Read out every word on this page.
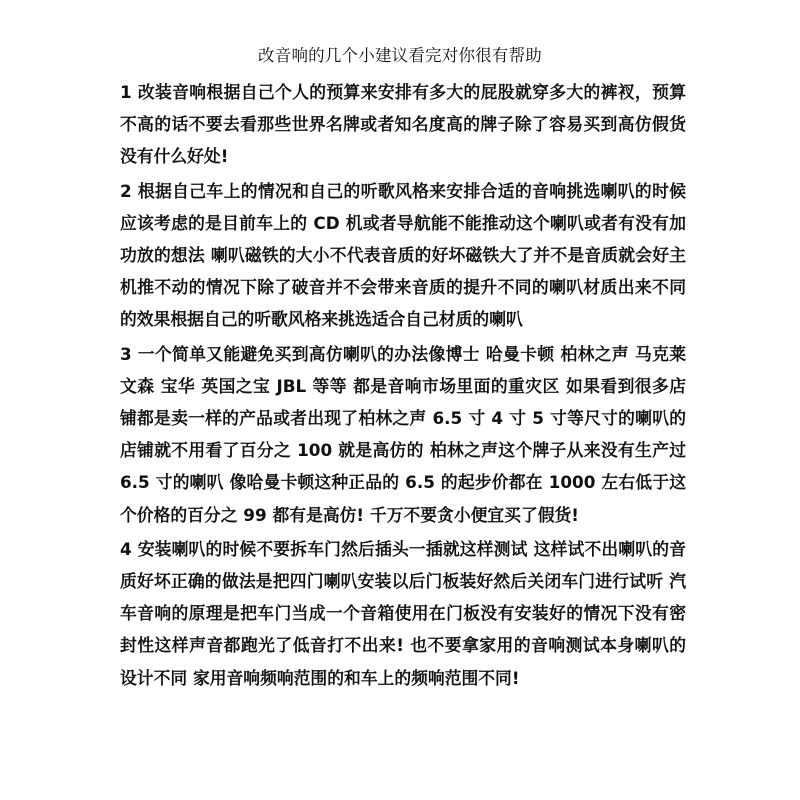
改音响的几个小建议看完对你很有帮助

1 改装音响根据自己个人的预算来安排有多大的屁股就穿多大的裤衩，预算不高的话不要去看那些世界名牌或者知名度高的牌子除了容易买到高仿假货没有什么好处!

2 根据自己车上的情况和自己的听歌风格来安排合适的音响挑选喇叭的时候应该考虑的是目前车上的 CD 机或者导航能不能推动这个喇叭或者有没有加功放的想法 喇叭磁铁的大小不代表音质的好坏磁铁大了并不是音质就会好主机推不动的情况下除了破音并不会带来音质的提升不同的喇叭材质出来不同的效果根据自己的听歌风格来挑选适合自己材质的喇叭

3 一个简单又能避免买到高仿喇叭的办法像博士 哈曼卡顿 柏林之声 马克莱文森 宝华 英国之宝 JBL 等等 都是音响市场里面的重灾区 如果看到很多店铺都是卖一样的产品或者出现了柏林之声 6.5 寸 4 寸 5 寸等尺寸的喇叭的店铺就不用看了百分之 100 就是高仿的 柏林之声这个牌子从来没有生产过 6.5 寸的喇叭 像哈曼卡顿这种正品的 6.5 的起步价都在 1000 左右低于这个价格的百分之 99 都有是高仿! 千万不要贪小便宜买了假货!

4 安装喇叭的时候不要拆车门然后插头一插就这样测试 这样试不出喇叭的音质好坏正确的做法是把四门喇叭安装以后门板装好然后关闭车门进行试听 汽车音响的原理是把车门当成一个音箱使用在门板没有安装好的情况下没有密封性这样声音都跑光了低音打不出来! 也不要拿家用的音响测试本身喇叭的设计不同 家用音响频响范围的和车上的频响范围不同!
